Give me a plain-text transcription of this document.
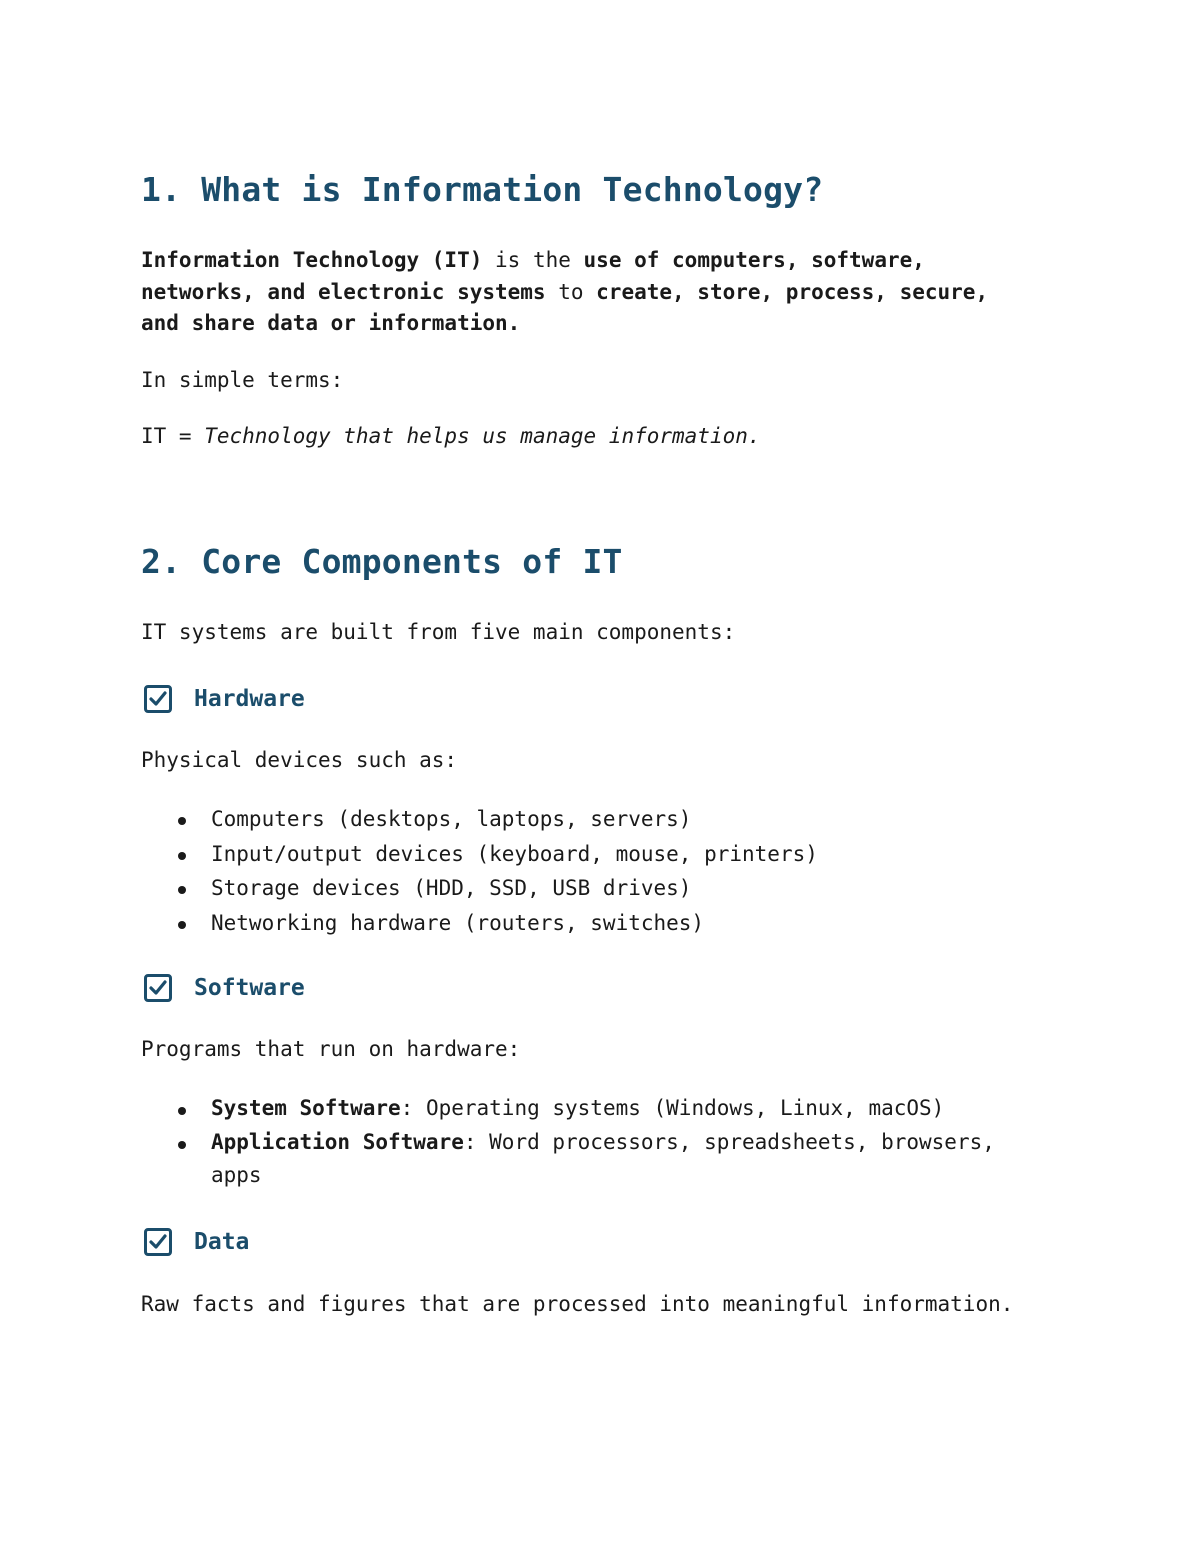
1. What is Information Technology?

Information Technology (IT) is the use of computers, software,
networks, and electronic systems to create, store, process, secure,
and share data or information.

In simple terms:

IT = Technology that helps us manage information.

2. Core Components of IT

IT systems are built from five main components:

Hardware

Physical devices such as:

Computers (desktops, laptops, servers)
Input/output devices (keyboard, mouse, printers)
Storage devices (HDD, SSD, USB drives)
Networking hardware (routers, switches)
Software

Programs that run on hardware:

System Software: Operating systems (Windows, Linux, macOS)
Application Software: Word processors, spreadsheets, browsers, apps
Data

Raw facts and figures that are processed into meaningful information.
